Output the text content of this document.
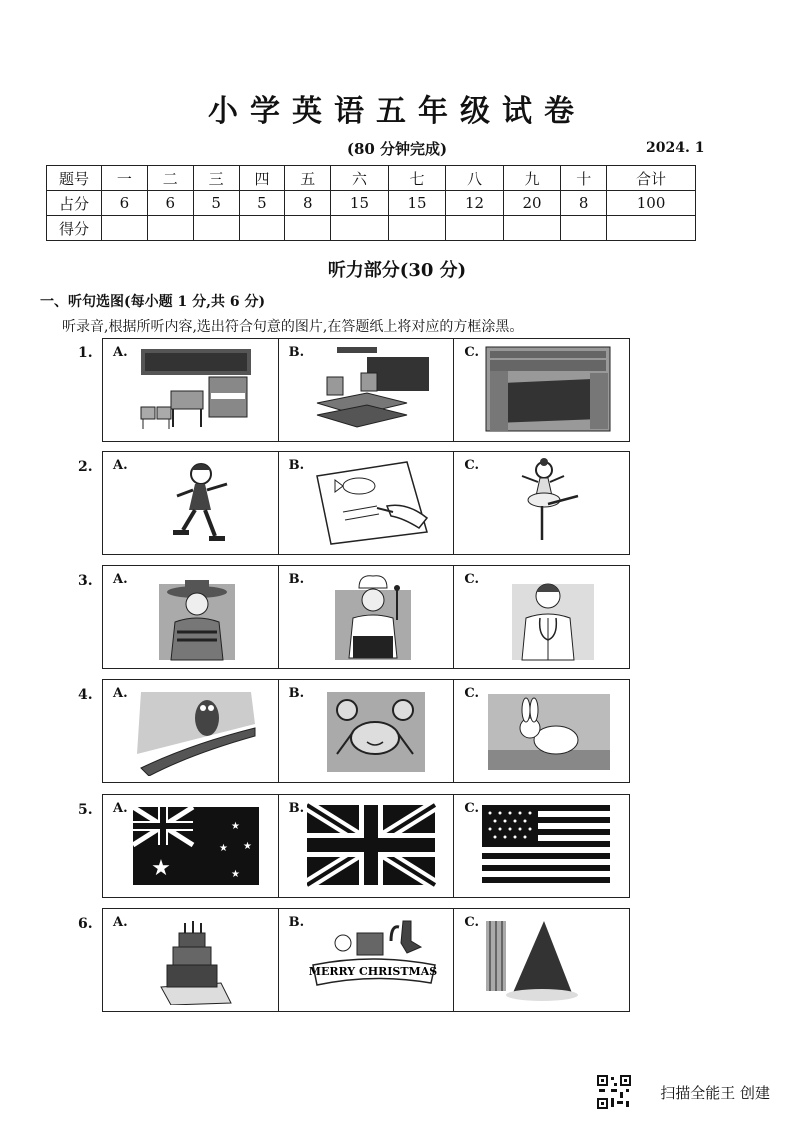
小学英语五年级试卷
(80 分钟完成)	2024. 1
题号	一	二	三	四	五	六	七	八	九	十	合计
占分	6	6	5	5	8	15	15	12	20	8	100
得分											
听力部分(30 分)
一、听句选图(每小题 1 分,共 6 分)
听录音,根据所听内容,选出符合句意的图片,在答题纸上将对应的方框涂黑。
1. A.	B.	C.
2. A.	B.	C.
3. A.	B.	C.
4. A.	B.	C.
5. A.
★
★
★ ★
★
B.	C.
6. A.	B.
MERRY CHRISTMAS
C.
扫描全能王 创建
